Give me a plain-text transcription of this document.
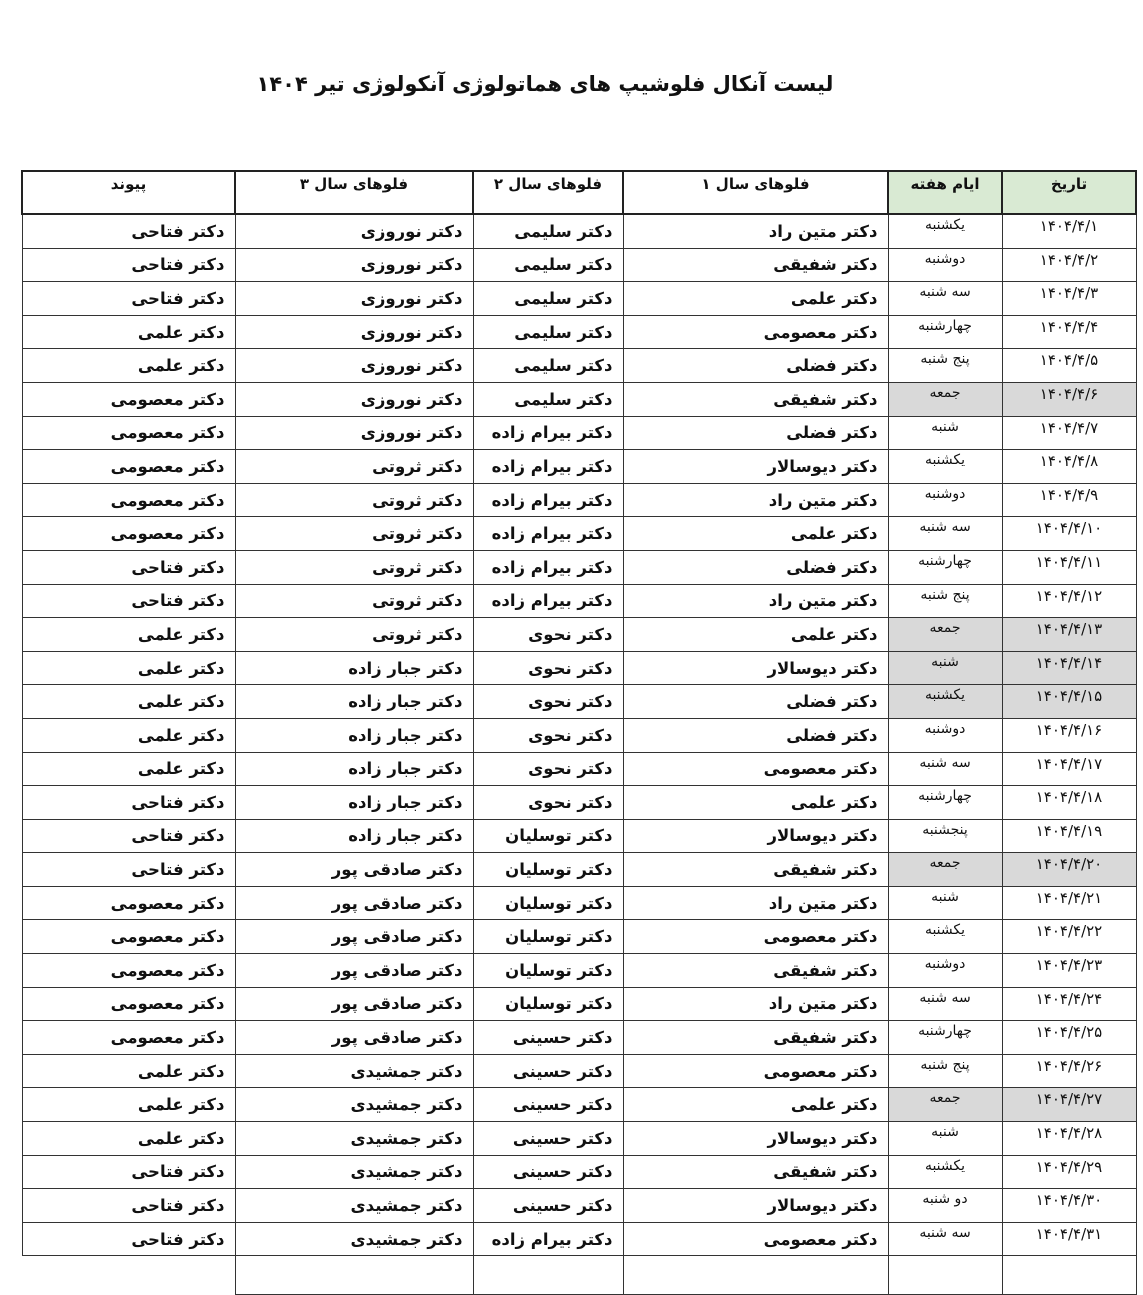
لیست آنکال فلوشیپ های هماتولوژی آنکولوژی تیر ۱۴۰۴
تاریخ	ایام هفته	فلوهای سال ۱	فلوهای سال ۲	فلوهای سال ۳	پیوند
۱۴۰۴/۴/۱	یکشنبه	دکتر متین راد	دکتر سلیمی	دکتر نوروزی	دکتر فتاحی
۱۴۰۴/۴/۲	دوشنبه	دکتر شفیقی	دکتر سلیمی	دکتر نوروزی	دکتر فتاحی
۱۴۰۴/۴/۳	سه شنبه	دکتر علمی	دکتر سلیمی	دکتر نوروزی	دکتر فتاحی
۱۴۰۴/۴/۴	چهارشنبه	دکتر معصومی	دکتر سلیمی	دکتر نوروزی	دکتر علمی
۱۴۰۴/۴/۵	پنج شنبه	دکتر فضلی	دکتر سلیمی	دکتر نوروزی	دکتر علمی
۱۴۰۴/۴/۶	جمعه	دکتر شفیقی	دکتر سلیمی	دکتر نوروزی	دکتر معصومی
۱۴۰۴/۴/۷	شنبه	دکتر فضلی	دکتر بیرام زاده	دکتر نوروزی	دکتر معصومی
۱۴۰۴/۴/۸	یکشنبه	دکتر دیوسالار	دکتر بیرام زاده	دکتر ثروتی	دکتر معصومی
۱۴۰۴/۴/۹	دوشنبه	دکتر متین راد	دکتر بیرام زاده	دکتر ثروتی	دکتر معصومی
۱۴۰۴/۴/۱۰	سه شنبه	دکتر علمی	دکتر بیرام زاده	دکتر ثروتی	دکتر معصومی
۱۴۰۴/۴/۱۱	چهارشنبه	دکتر فضلی	دکتر بیرام زاده	دکتر ثروتی	دکتر فتاحی
۱۴۰۴/۴/۱۲	پنج شنبه	دکتر متین راد	دکتر بیرام زاده	دکتر ثروتی	دکتر فتاحی
۱۴۰۴/۴/۱۳	جمعه	دکتر علمی	دکتر نحوی	دکتر ثروتی	دکتر علمی
۱۴۰۴/۴/۱۴	شنبه	دکتر دیوسالار	دکتر نحوی	دکتر جبار زاده	دکتر علمی
۱۴۰۴/۴/۱۵	یکشنبه	دکتر فضلی	دکتر نحوی	دکتر جبار زاده	دکتر علمی
۱۴۰۴/۴/۱۶	دوشنبه	دکتر فضلی	دکتر نحوی	دکتر جبار زاده	دکتر علمی
۱۴۰۴/۴/۱۷	سه شنبه	دکتر معصومی	دکتر نحوی	دکتر جبار زاده	دکتر علمی
۱۴۰۴/۴/۱۸	چهارشنبه	دکتر علمی	دکتر نحوی	دکتر جبار زاده	دکتر فتاحی
۱۴۰۴/۴/۱۹	پنجشنبه	دکتر دیوسالار	دکتر توسلیان	دکتر جبار زاده	دکتر فتاحی
۱۴۰۴/۴/۲۰	جمعه	دکتر شفیقی	دکتر توسلیان	دکتر صادقی پور	دکتر فتاحی
۱۴۰۴/۴/۲۱	شنبه	دکتر متین راد	دکتر توسلیان	دکتر صادقی پور	دکتر معصومی
۱۴۰۴/۴/۲۲	یکشنبه	دکتر معصومی	دکتر توسلیان	دکتر صادقی پور	دکتر معصومی
۱۴۰۴/۴/۲۳	دوشنبه	دکتر شفیقی	دکتر توسلیان	دکتر صادقی پور	دکتر معصومی
۱۴۰۴/۴/۲۴	سه شنبه	دکتر متین راد	دکتر توسلیان	دکتر صادقی پور	دکتر معصومی
۱۴۰۴/۴/۲۵	چهارشنبه	دکتر شفیقی	دکتر حسینی	دکتر صادقی پور	دکتر معصومی
۱۴۰۴/۴/۲۶	پنج شنبه	دکتر معصومی	دکتر حسینی	دکتر جمشیدی	دکتر علمی
۱۴۰۴/۴/۲۷	جمعه	دکتر علمی	دکتر حسینی	دکتر جمشیدی	دکتر علمی
۱۴۰۴/۴/۲۸	شنبه	دکتر دیوسالار	دکتر حسینی	دکتر جمشیدی	دکتر علمی
۱۴۰۴/۴/۲۹	یکشنبه	دکتر شفیقی	دکتر حسینی	دکتر جمشیدی	دکتر فتاحی
۱۴۰۴/۴/۳۰	دو شنبه	دکتر دیوسالار	دکتر حسینی	دکتر جمشیدی	دکتر فتاحی
۱۴۰۴/۴/۳۱	سه شنبه	دکتر معصومی	دکتر بیرام زاده	دکتر جمشیدی	دکتر فتاحی
